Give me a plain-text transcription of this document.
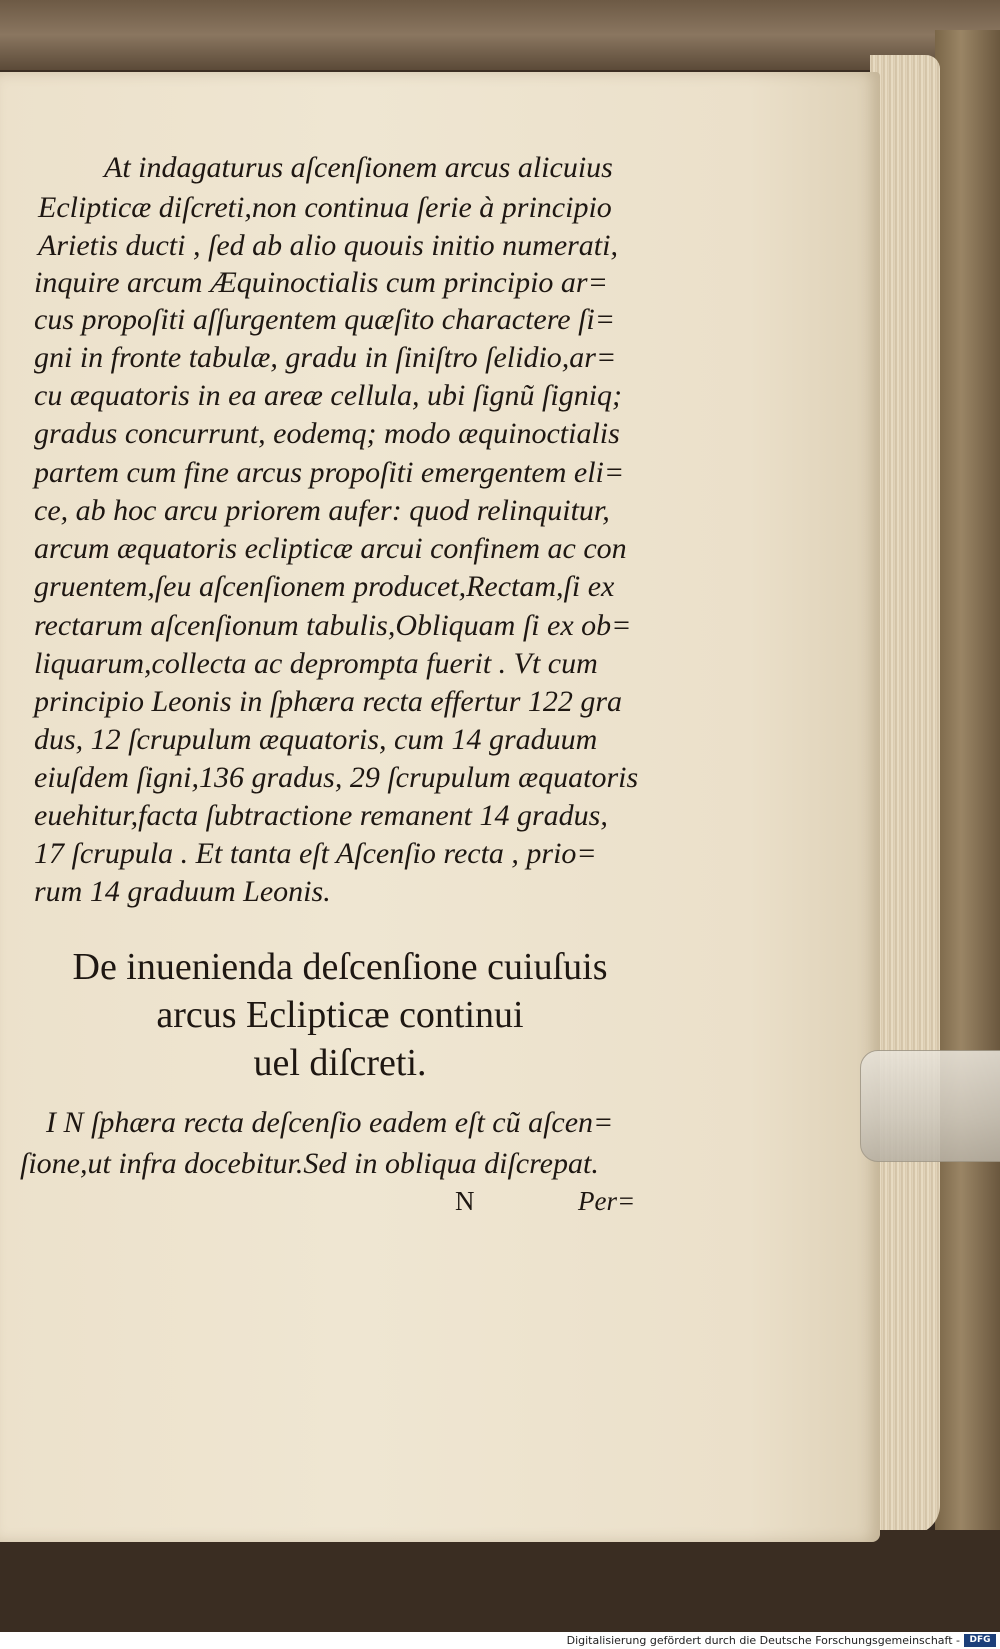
At indagaturus aſcenſionem arcus alicuius
Eclipticæ diſcreti,non continua ſerie à principio
Arietis ducti , ſed ab alio quouis initio numerati,
inquire arcum Æquinoctialis cum principio ar=
cus propoſiti aſſurgentem quæſito charactere ſi=
gni in fronte tabulæ, gradu in ſiniſtro ſelidio,ar=
cu æquatoris in ea areæ cellula, ubi ſignũ ſigniq;
gradus concurrunt, eodemq; modo æquinoctialis
partem cum fine arcus propoſiti emergentem eli=
ce, ab hoc arcu priorem aufer: quod relinquitur,
arcum æquatoris eclipticæ arcui confinem ac con
gruentem,ſeu aſcenſionem producet,Rectam,ſi ex
rectarum aſcenſionum tabulis,Obliquam ſi ex ob=
liquarum,collecta ac deprompta fuerit . Vt cum
principio Leonis in ſphæra recta effertur 122 gra
dus, 12 ſcrupulum æquatoris, cum 14 graduum
eiuſdem ſigni,136 gradus, 29 ſcrupulum æquatoris
euehitur,facta ſubtractione remanent 14 gradus,
17 ſcrupula . Et tanta eſt Aſcenſio recta , prio=
rum 14 graduum Leonis.
De inuenienda deſcenſione cuiuſuis
arcus Eclipticæ continui
uel diſcreti.
I N ſphæra recta deſcenſio eadem eſt cũ aſcen=
ſione,ut infra docebitur.Sed in obliqua diſcrepat.
N	Per=
Digitalisierung gefördert durch die Deutsche Forschungsgemeinschaft -	DFG
